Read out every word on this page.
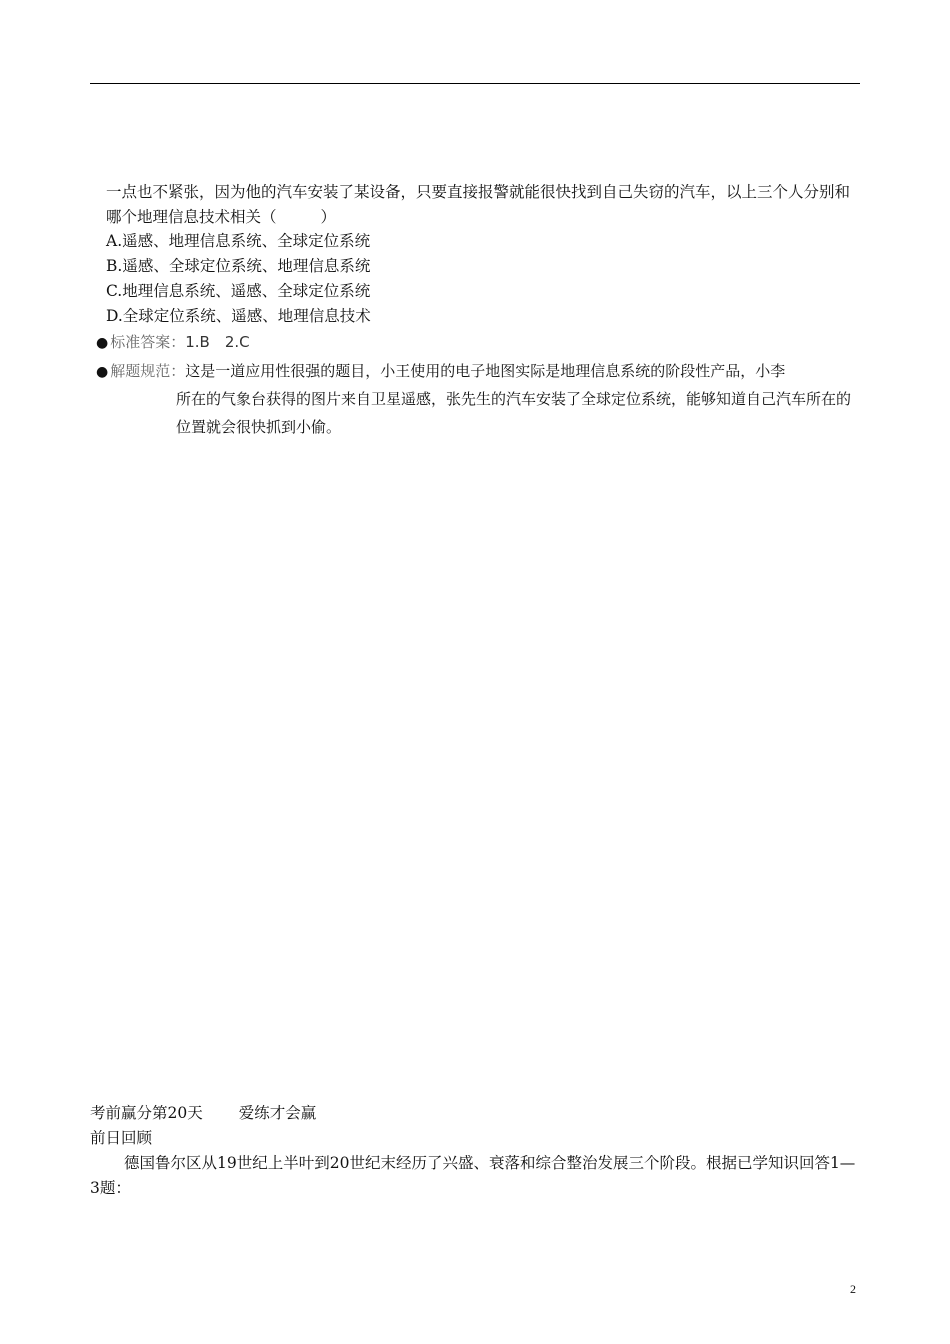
一点也不紧张，因为他的汽车安装了某设备，只要直接报警就能很快找到自己失窃的汽车，以上三个人分别和哪个地理信息技术相关（	）
A.遥感、地理信息系统、全球定位系统
B.遥感、全球定位系统、地理信息系统
C.地理信息系统、遥感、全球定位系统
D.全球定位系统、遥感、地理信息技术
● 标准答案：1.B　2.C
● 解题规范：这是一道应用性很强的题目，小王使用的电子地图实际是地理信息系统的阶段性产品，小李
所在的气象台获得的图片来自卫星遥感，张先生的汽车安装了全球定位系统，能够知道自己汽车所在的位置就会很快抓到小偷。
考前赢分第20天 爱练才会赢
前日回顾
德国鲁尔区从19世纪上半叶到20世纪末经历了兴盛、衰落和综合整治发展三个阶段。根据已学知识回答1—3题：
2
